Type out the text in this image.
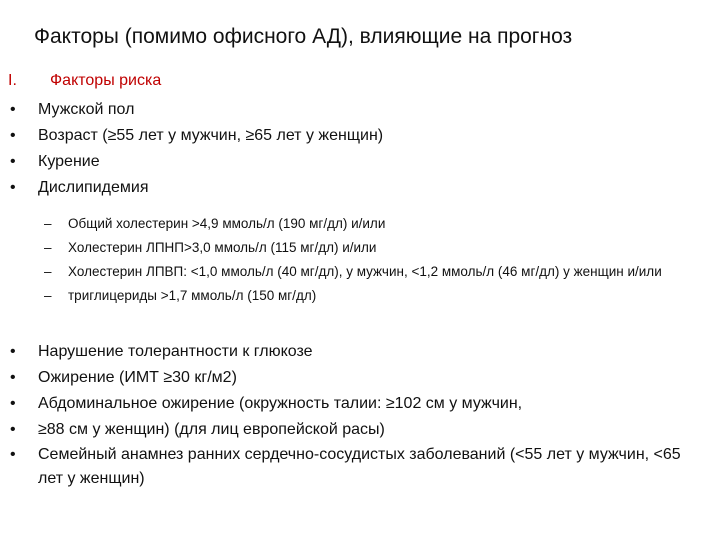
Факторы (помимо офисного АД), влияющие на прогноз
I. Факторы риска
• Мужской пол
• Возраст (≥55 лет у мужчин, ≥65 лет у женщин)
• Курение
• Дислипидемия
– Общий холестерин >4,9 ммоль/л (190 мг/дл) и/или
– Холестерин ЛПНП>3,0 ммоль/л (115 мг/дл) и/или
– Холестерин ЛПВП: <1,0 ммоль/л (40 мг/дл), у мужчин, <1,2 ммоль/л (46 мг/дл) у женщин и/или
– триглицериды >1,7 ммоль/л (150 мг/дл)
• Нарушение толерантности к глюкозе
• Ожирение (ИМТ ≥30 кг/м2)
• Абдоминальное ожирение (окружность талии: ≥102 см у мужчин,
• ≥88 см у женщин) (для лиц европейской расы)
• Семейный анамнез ранних сердечно-сосудистых заболеваний (<55 лет у мужчин, <65 лет у женщин)
